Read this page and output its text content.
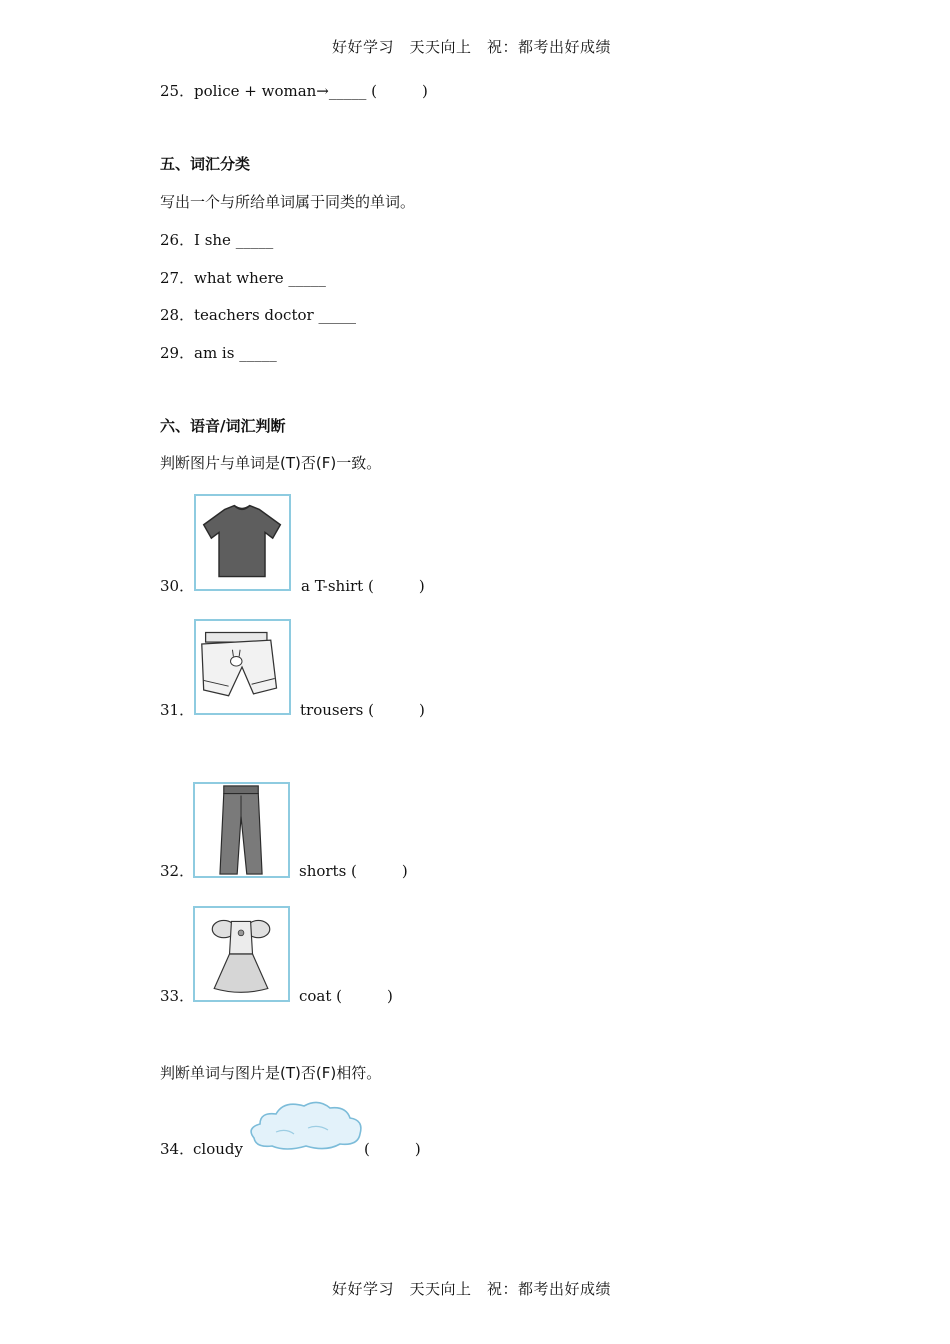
好好学习　天天向上　祝：都考出好成绩
25．police + woman→_____ (　　　)
五、词汇分类
写出一个与所给单词属于同类的单词。
26．I she _____
27．what where _____
28．teachers doctor _____
29．am is _____
六、语音/词汇判断
判断图片与单词是(T)否(F)一致。
30．	a T-shirt (　　　)
31．	trousers (　　　)
32．	shorts (　　　)
33．	coat (　　　)
判断单词与图片是(T)否(F)相符。
34．
cloudy	(　　　)
好好学习　天天向上　祝：都考出好成绩
